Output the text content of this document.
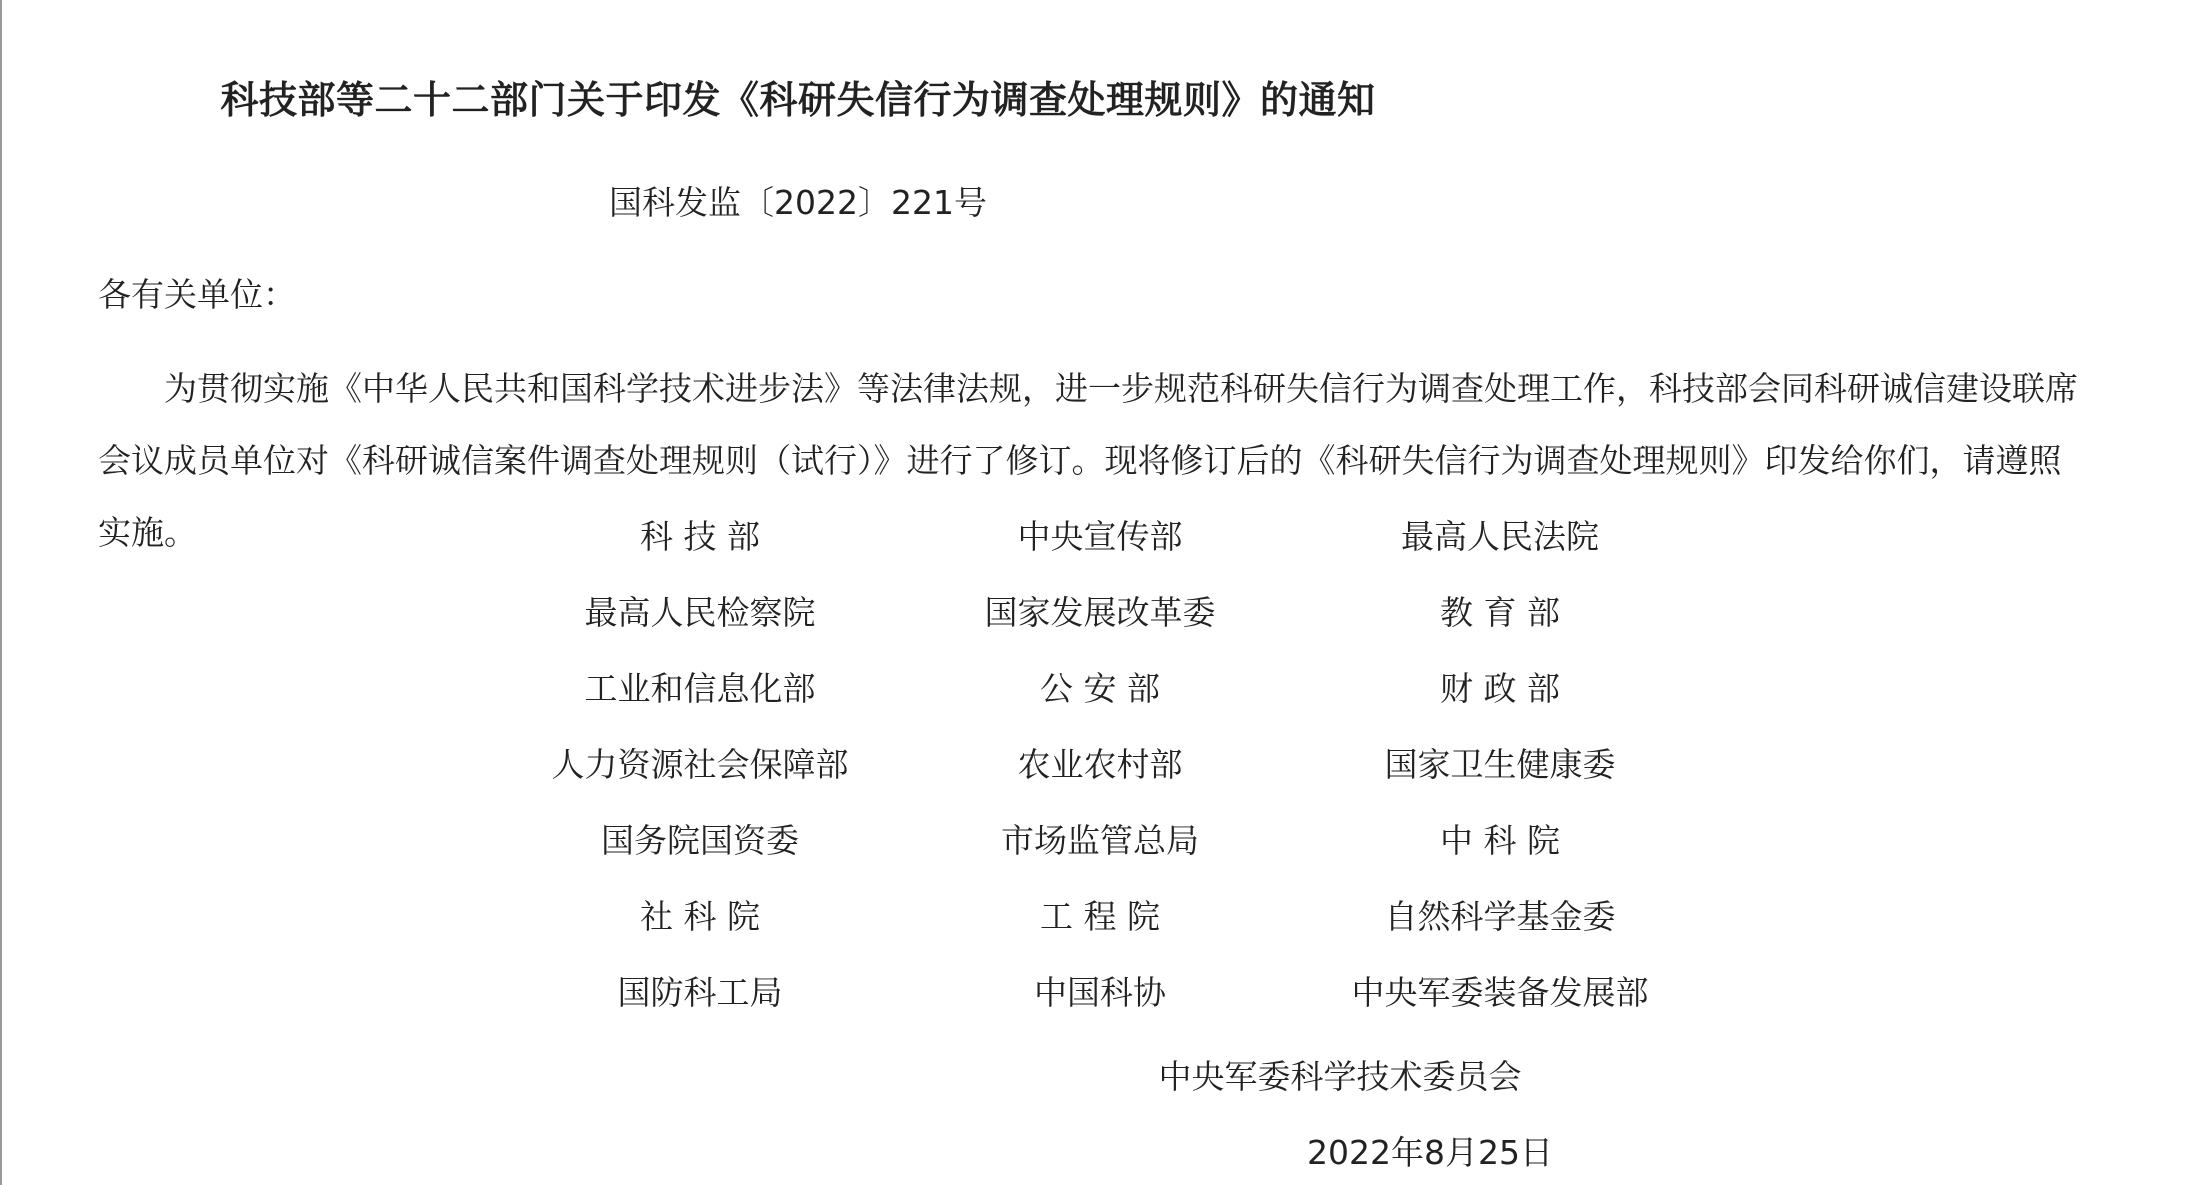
科技部等二十二部门关于印发《科研失信行为调查处理规则》的通知
国科发监〔2022〕221号
各有关单位：
为贯彻实施《中华人民共和国科学技术进步法》等法律法规，进一步规范科研失信行为调查处理工作，科技部会同科研诚信建设联席会议成员单位对《科研诚信案件调查处理规则（试行）》进行了修订。现将修订后的《科研失信行为调查处理规则》印发给你们，请遵照实施。	科 技 部	中央宣传部	最高人民法院
最高人民检察院	国家发展改革委	教 育 部
工业和信息化部	公 安 部	财 政 部
人力资源社会保障部	农业农村部	国家卫生健康委
国务院国资委	市场监管总局	中 科 院
社 科 院	工 程 院	自然科学基金委
国防科工局	中国科协	中央军委装备发展部
中央军委科学技术委员会
2022年8月25日
